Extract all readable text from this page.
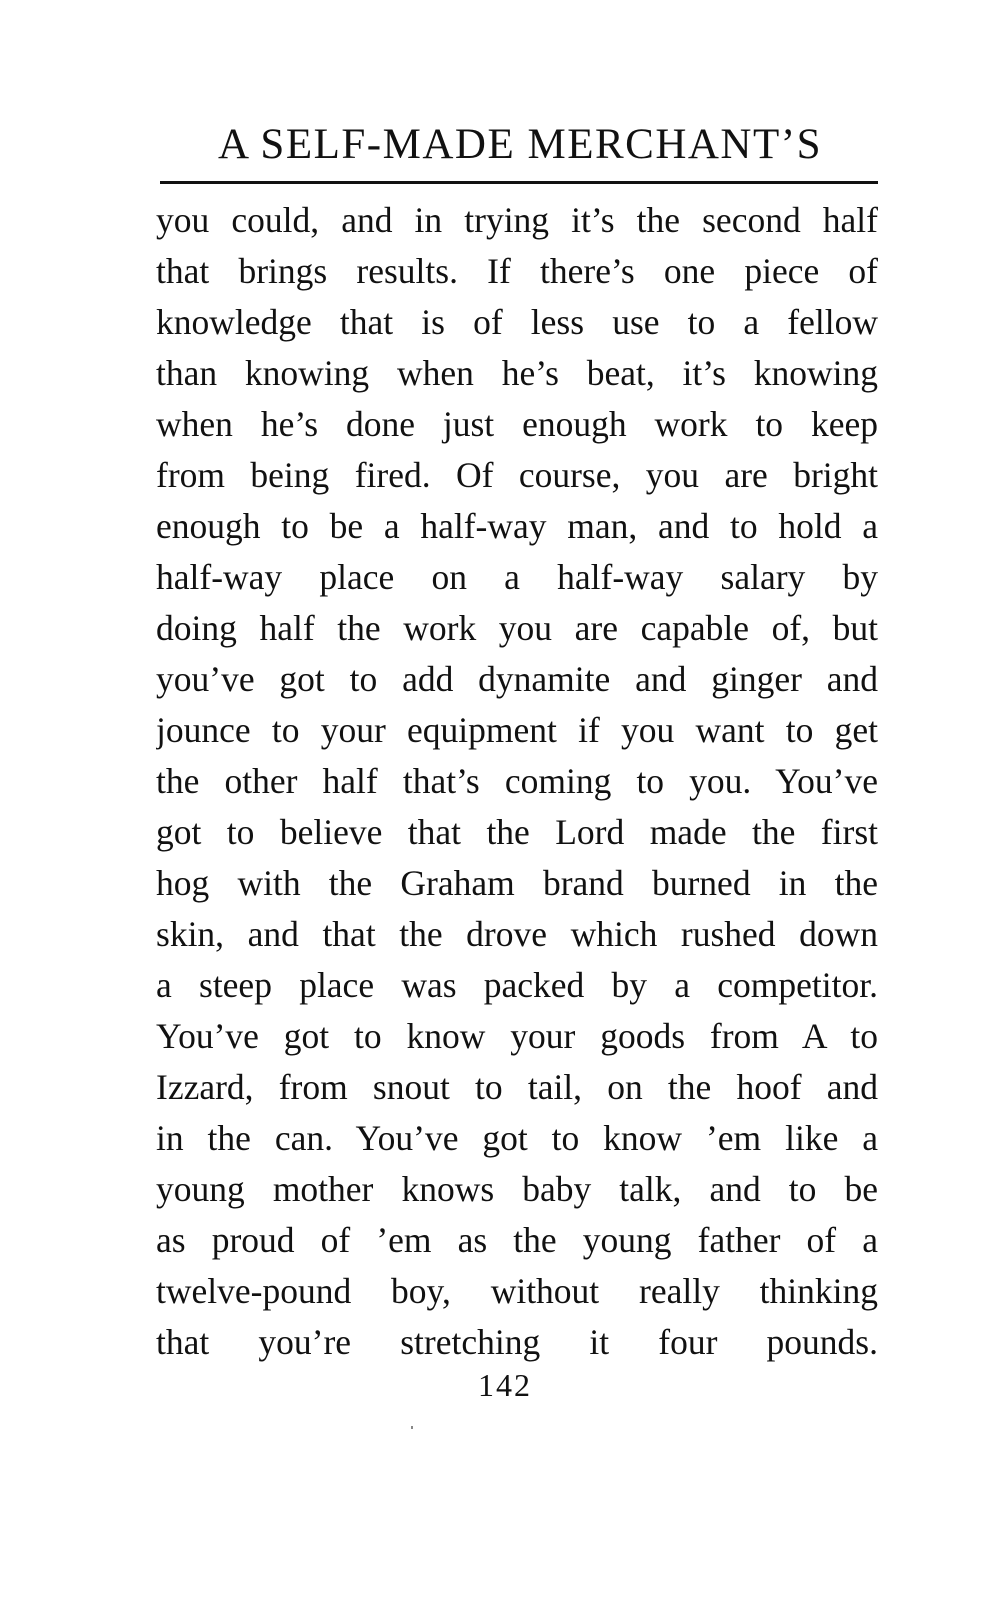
A SELF-MADE MERCHANT’S
you could, and in trying it’s the second half
that brings results. If there’s one piece of
knowledge that is of less use to a fellow
than knowing when he’s beat, it’s knowing
when he’s done just enough work to keep
from being fired. Of course, you are bright
enough to be a half-way man, and to hold a
half-way place on a half-way salary by
doing half the work you are capable of, but
you’ve got to add dynamite and ginger and
jounce to your equipment if you want to get
the other half that’s coming to you. You’ve
got to believe that the Lord made the first
hog with the Graham brand burned in the
skin, and that the drove which rushed down
a steep place was packed by a competitor.
You’ve got to know your goods from A to
Izzard, from snout to tail, on the hoof and
in the can. You’ve got to know ’em like a
young mother knows baby talk, and to be
as proud of ’em as the young father of a
twelve-pound boy, without really thinking
that you’re stretching it four pounds.
142
